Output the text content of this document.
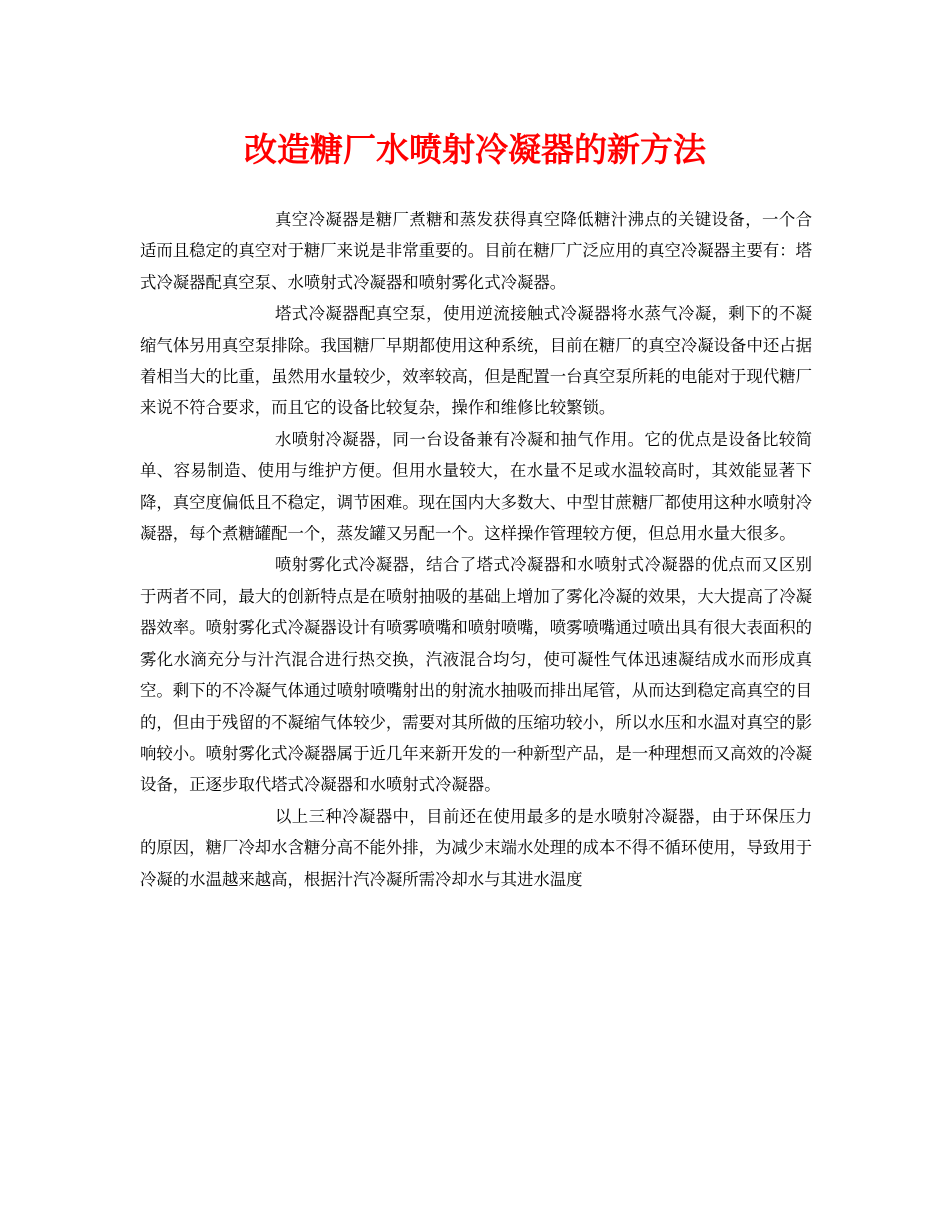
改造糖厂水喷射冷凝器的新方法

真空冷凝器是糖厂煮糖和蒸发获得真空降低糖汁沸点的关键设备，一个合适而且稳定的真空对于糖厂来说是非常重要的。目前在糖厂广泛应用的真空冷凝器主要有：塔式冷凝器配真空泵、水喷射式冷凝器和喷射雾化式冷凝器。

塔式冷凝器配真空泵，使用逆流接触式冷凝器将水蒸气冷凝，剩下的不凝缩气体另用真空泵排除。我国糖厂早期都使用这种系统，目前在糖厂的真空冷凝设备中还占据着相当大的比重，虽然用水量较少，效率较高，但是配置一台真空泵所耗的电能对于现代糖厂来说不符合要求，而且它的设备比较复杂，操作和维修比较繁锁。

水喷射冷凝器，同一台设备兼有冷凝和抽气作用。它的优点是设备比较简单、容易制造、使用与维护方便。但用水量较大，在水量不足或水温较高时，其效能显著下降，真空度偏低且不稳定，调节困难。现在国内大多数大、中型甘蔗糖厂都使用这种水喷射冷凝器，每个煮糖罐配一个，蒸发罐又另配一个。这样操作管理较方便，但总用水量大很多。

喷射雾化式冷凝器，结合了塔式冷凝器和水喷射式冷凝器的优点而又区别于两者不同，最大的创新特点是在喷射抽吸的基础上增加了雾化冷凝的效果，大大提高了冷凝器效率。喷射雾化式冷凝器设计有喷雾喷嘴和喷射喷嘴，喷雾喷嘴通过喷出具有很大表面积的雾化水滴充分与汁汽混合进行热交换，汽液混合均匀，使可凝性气体迅速凝结成水而形成真空。剩下的不冷凝气体通过喷射喷嘴射出的射流水抽吸而排出尾管，从而达到稳定高真空的目的，但由于残留的不凝缩气体较少，需要对其所做的压缩功较小，所以水压和水温对真空的影响较小。喷射雾化式冷凝器属于近几年来新开发的一种新型产品，是一种理想而又高效的冷凝设备，正逐步取代塔式冷凝器和水喷射式冷凝器。

以上三种冷凝器中，目前还在使用最多的是水喷射冷凝器，由于环保压力的原因，糖厂冷却水含糖分高不能外排，为减少末端水处理的成本不得不循环使用，导致用于冷凝的水温越来越高，根据汁汽冷凝所需冷却水与其进水温度
